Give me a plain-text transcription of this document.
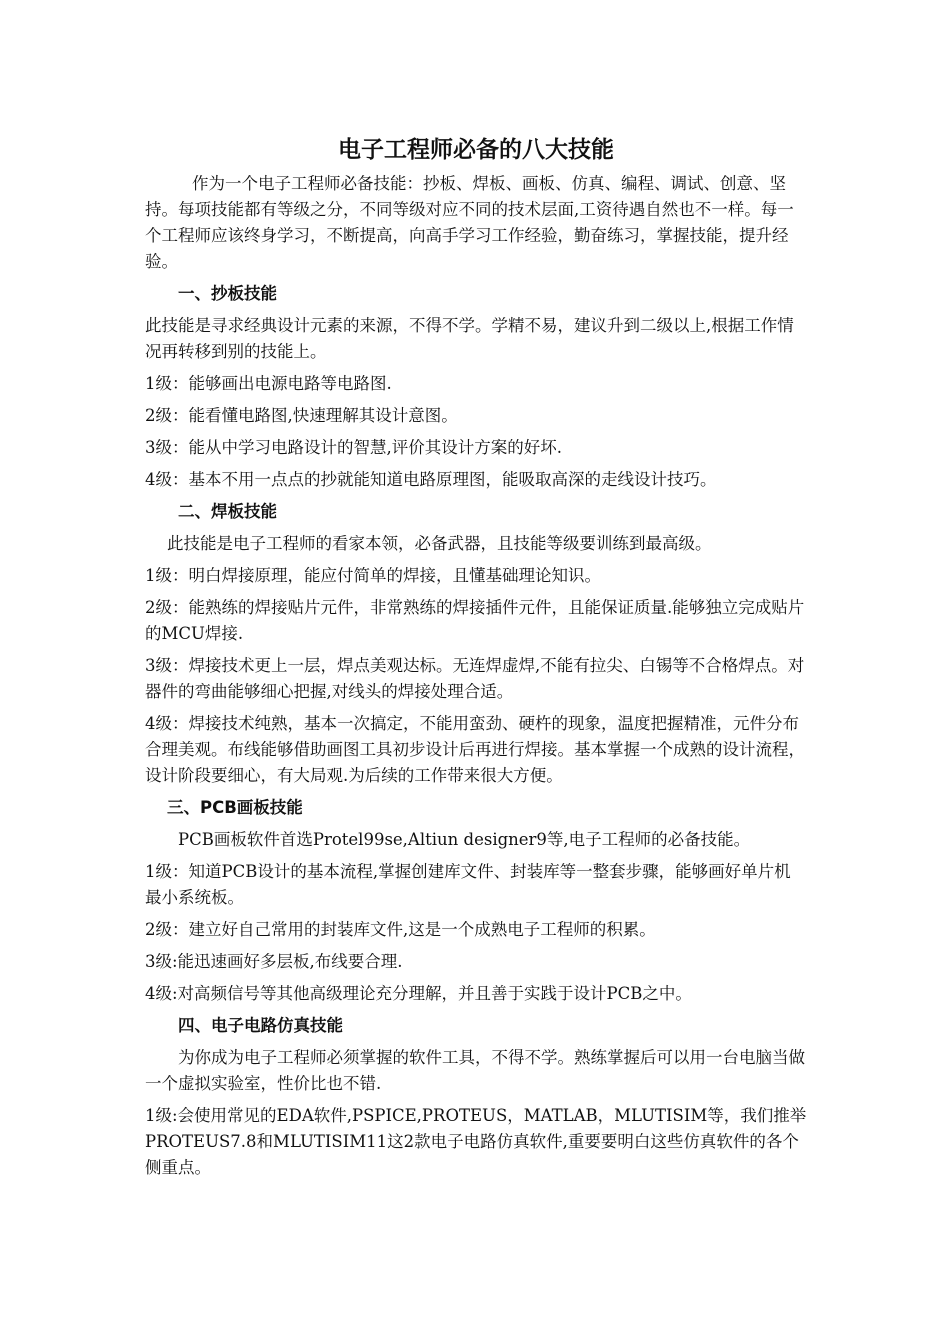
电子工程师必备的八大技能

作为一个电子工程师必备技能：抄板、焊板、画板、仿真、编程、调试、创意、坚持。每项技能都有等级之分，不同等级对应不同的技术层面,工资待遇自然也不一样。每一个工程师应该终身学习，不断提高，向高手学习工作经验，勤奋练习，掌握技能，提升经验。

一、抄板技能

此技能是寻求经典设计元素的来源，不得不学。学精不易，建议升到二级以上,根据工作情况再转移到别的技能上。

1级：能够画出电源电路等电路图.

2级：能看懂电路图,快速理解其设计意图。

3级：能从中学习电路设计的智慧,评价其设计方案的好坏.

4级：基本不用一点点的抄就能知道电路原理图，能吸取高深的走线设计技巧。

二、焊板技能

此技能是电子工程师的看家本领，必备武器，且技能等级要训练到最高级。

1级：明白焊接原理，能应付简单的焊接，且懂基础理论知识。

2级：能熟练的焊接贴片元件，非常熟练的焊接插件元件，且能保证质量.能够独立完成贴片的MCU焊接.

3级：焊接技术更上一层，焊点美观达标。无连焊虚焊,不能有拉尖、白锡等不合格焊点。对器件的弯曲能够细心把握,对线头的焊接处理合适。

4级：焊接技术纯熟，基本一次搞定，不能用蛮劲、硬杵的现象，温度把握精准，元件分布合理美观。布线能够借助画图工具初步设计后再进行焊接。基本掌握一个成熟的设计流程，设计阶段要细心，有大局观.为后续的工作带来很大方便。

三、PCB画板技能

PCB画板软件首选Protel99se,Altiun designer9等,电子工程师的必备技能。

1级：知道PCB设计的基本流程,掌握创建库文件、封装库等一整套步骤，能够画好单片机最小系统板。

2级：建立好自己常用的封装库文件,这是一个成熟电子工程师的积累。

3级:能迅速画好多层板,布线要合理.

4级:对高频信号等其他高级理论充分理解，并且善于实践于设计PCB之中。

四、电子电路仿真技能

为你成为电子工程师必须掌握的软件工具，不得不学。熟练掌握后可以用一台电脑当做一个虚拟实验室，性价比也不错.

1级:会使用常见的EDA软件,PSPICE,PROTEUS，MATLAB，MLUTISIM等，我们推举PROTEUS7.8和MLUTISIM11这2款电子电路仿真软件,重要要明白这些仿真软件的各个侧重点。
